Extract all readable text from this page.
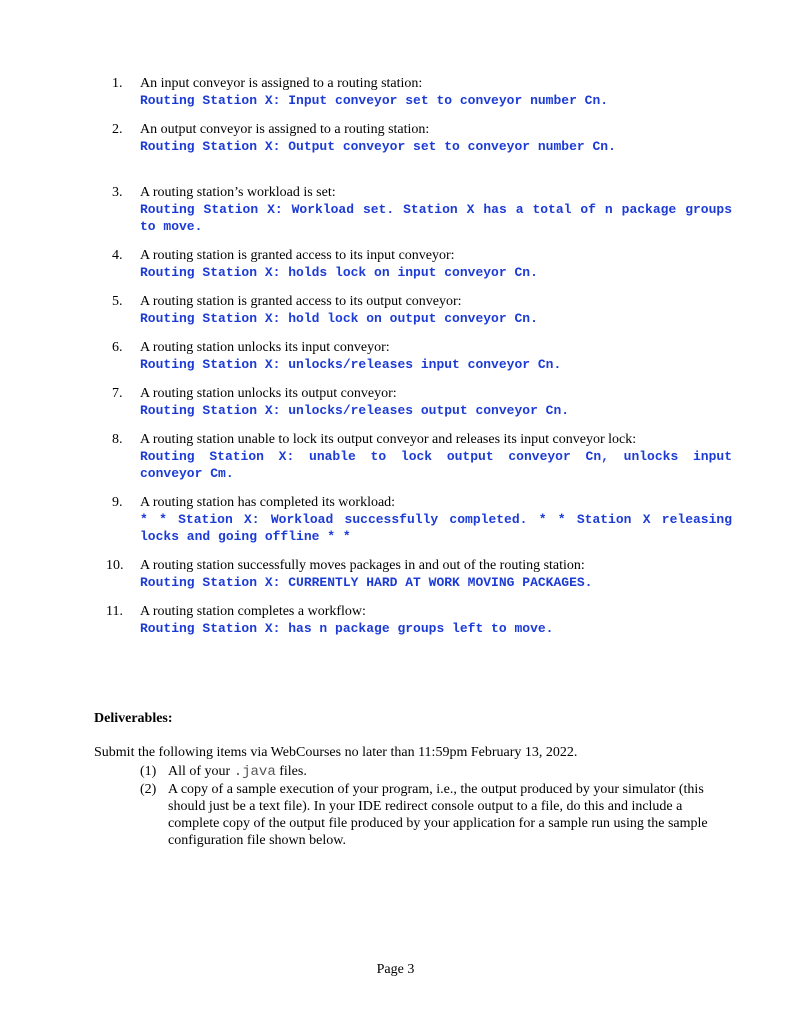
1. An input conveyor is assigned to a routing station:
Routing Station X: Input conveyor set to conveyor number Cn.
2. An output conveyor is assigned to a routing station:
Routing Station X: Output conveyor set to conveyor number Cn.
3. A routing station’s workload is set:
Routing Station X: Workload set. Station X has a total of n package groups to move.
4. A routing station is granted access to its input conveyor:
Routing Station X: holds lock on input conveyor Cn.
5. A routing station is granted access to its output conveyor:
Routing Station X: hold lock on output conveyor Cn.
6. A routing station unlocks its input conveyor:
Routing Station X: unlocks/releases input conveyor Cn.
7. A routing station unlocks its output conveyor:
Routing Station X: unlocks/releases output conveyor Cn.
8. A routing station unable to lock its output conveyor and releases its input conveyor lock:
Routing Station X: unable to lock output conveyor Cn, unlocks input conveyor Cm.
9. A routing station has completed its workload:
* * Station X: Workload successfully completed. * * Station X releasing locks and going offline * *
10. A routing station successfully moves packages in and out of the routing station:
Routing Station X: CURRENTLY HARD AT WORK MOVING PACKAGES.
11. A routing station completes a workflow:
Routing Station X: has n package groups left to move.
Deliverables:
Submit the following items via WebCourses no later than 11:59pm February 13, 2022.
(1) All of your .java files.
(2) A copy of a sample execution of your program, i.e., the output produced by your simulator (this should just be a text file). In your IDE redirect console output to a file, do this and include a complete copy of the output file produced by your application for a sample run using the sample configuration file shown below.
Page 3
